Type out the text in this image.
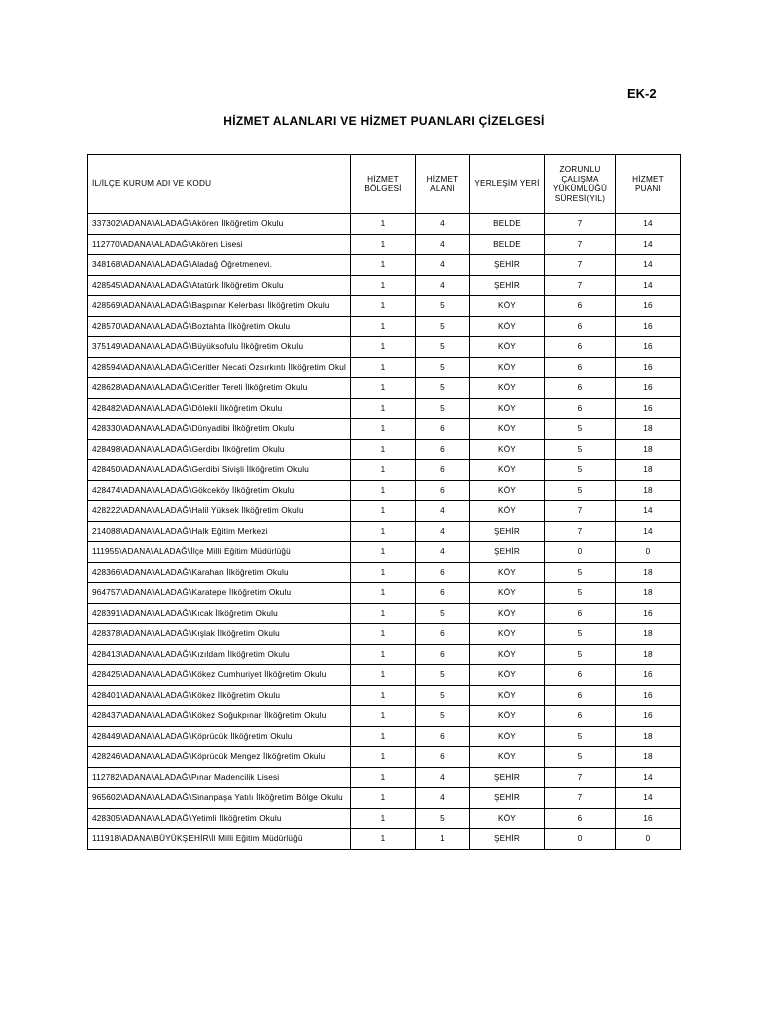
EK-2
HİZMET ALANLARI VE HİZMET PUANLARI ÇİZELGESİ
İL/İLÇE KURUM ADI VE KODU	HİZMET BÖLGESİ	HİZMET ALANI	YERLEŞİM YERİ	ZORUNLU ÇALIŞMA YÜKÜMLÜĞÜ SÜRESİ(YIL)	HİZMET PUANI
337302\ADANA\ALADAĞ\Akören İlköğretim Okulu	1	4	BELDE	7	14
112770\ADANA\ALADAĞ\Akören Lisesi	1	4	BELDE	7	14
348168\ADANA\ALADAĞ\Aladağ Öğretmenevi.	1	4	ŞEHİR	7	14
428545\ADANA\ALADAĞ\Atatürk İlköğretim Okulu	1	4	ŞEHİR	7	14
428569\ADANA\ALADAĞ\Başpınar Kelerbası İlköğretim Okulu	1	5	KÖY	6	16
428570\ADANA\ALADAĞ\Boztahta İlköğretim Okulu	1	5	KÖY	6	16
375149\ADANA\ALADAĞ\Büyüksofulu İlköğretim Okulu	1	5	KÖY	6	16
428594\ADANA\ALADAĞ\Ceritler Necati Özsırkıntı İlköğretim Okul	1	5	KÖY	6	16
428628\ADANA\ALADAĞ\Ceritler Tereli İlköğretim Okulu	1	5	KÖY	6	16
428482\ADANA\ALADAĞ\Dölekli İlköğretim Okulu	1	5	KÖY	6	16
428330\ADANA\ALADAĞ\Dünyadibi İlköğretim Okulu	1	6	KÖY	5	18
428498\ADANA\ALADAĞ\Gerdibı İlköğretim Okulu	1	6	KÖY	5	18
428450\ADANA\ALADAĞ\Gerdibi Sivişli İlköğretim Okulu	1	6	KÖY	5	18
428474\ADANA\ALADAĞ\Gökceköy İlköğretim Okulu	1	6	KÖY	5	18
428222\ADANA\ALADAĞ\Halil Yüksek İlköğretim Okulu	1	4	KÖY	7	14
214088\ADANA\ALADAĞ\Halk Eğitim Merkezi	1	4	ŞEHİR	7	14
111955\ADANA\ALADAĞ\İlçe Milli Eğitim Müdürlüğü	1	4	ŞEHİR	0	0
428366\ADANA\ALADAĞ\Karahan İlköğretim Okulu	1	6	KÖY	5	18
964757\ADANA\ALADAĞ\Karatepe İlköğretim Okulu	1	6	KÖY	5	18
428391\ADANA\ALADAĞ\Kıcak İlköğretim Okulu	1	5	KÖY	6	16
428378\ADANA\ALADAĞ\Kışlak İlköğretim Okulu	1	6	KÖY	5	18
428413\ADANA\ALADAĞ\Kızıldam İlköğretim Okulu	1	6	KÖY	5	18
428425\ADANA\ALADAĞ\Kökez Cumhuriyet İlköğretim Okulu	1	5	KÖY	6	16
428401\ADANA\ALADAĞ\Kökez İlköğretim Okulu	1	5	KÖY	6	16
428437\ADANA\ALADAĞ\Kökez Soğukpınar İlköğretim Okulu	1	5	KÖY	6	16
428449\ADANA\ALADAĞ\Köprücük İlköğretim Okulu	1	6	KÖY	5	18
428246\ADANA\ALADAĞ\Köprücük Mengez İlköğretim Okulu	1	6	KÖY	5	18
112782\ADANA\ALADAĞ\Pınar Madencilik Lisesi	1	4	ŞEHİR	7	14
965602\ADANA\ALADAĞ\Sinanpaşa Yatılı İlköğretim Bölge Okulu	1	4	ŞEHİR	7	14
428305\ADANA\ALADAĞ\Yetimli İlköğretim Okulu	1	5	KÖY	6	16
111918\ADANA\BÜYÜKŞEHİR\İl Milli Eğitim Müdürlüğü	1	1	ŞEHİR	0	0
